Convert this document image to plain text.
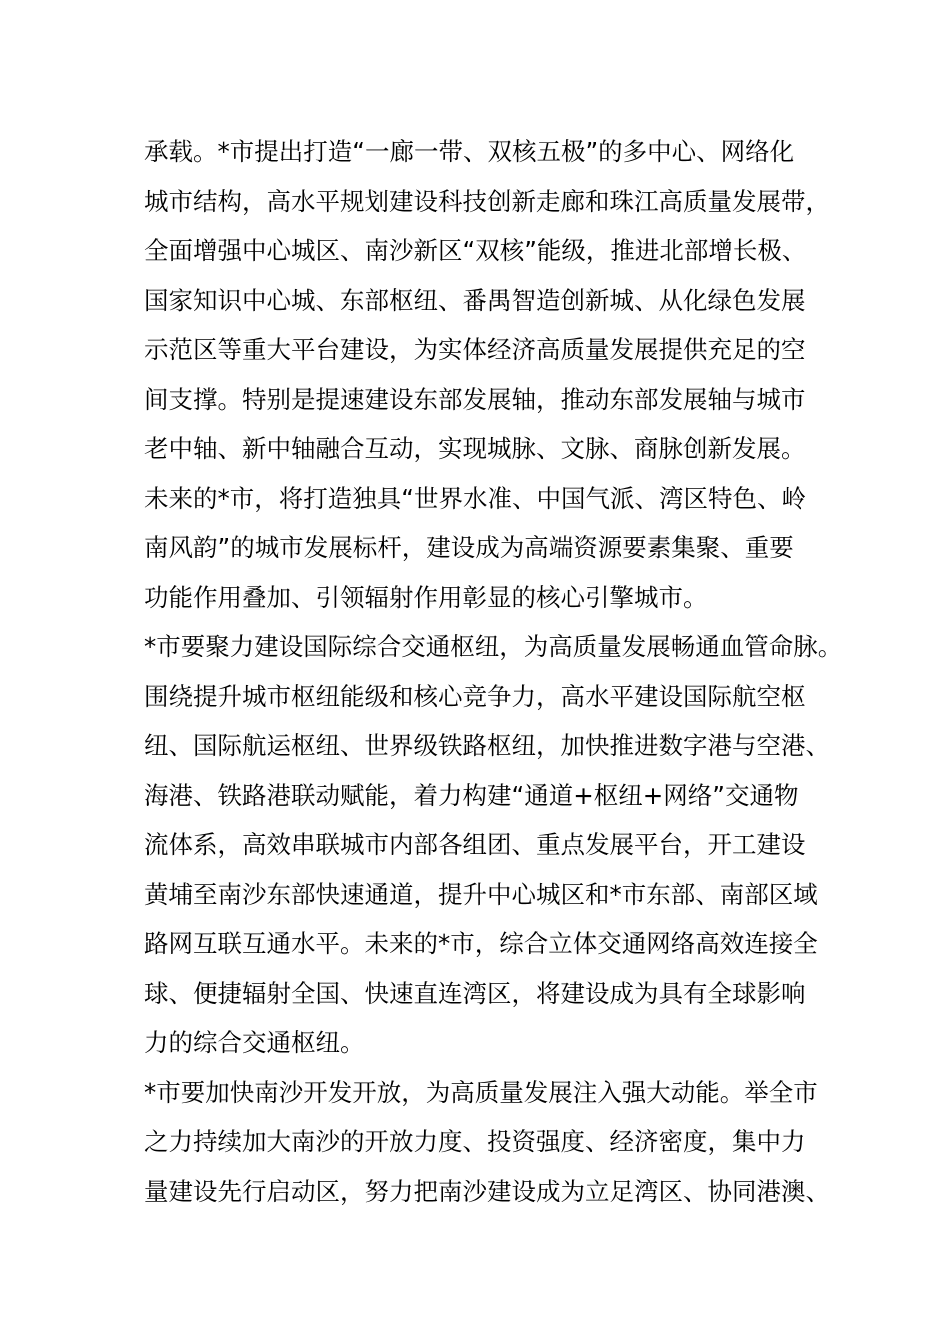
承载。*市提出打造“一廊一带、双核五极”的多中心、网络化
城市结构，高水平规划建设科技创新走廊和珠江高质量发展带，
全面增强中心城区、南沙新区“双核”能级，推进北部增长极、
国家知识中心城、东部枢纽、番禺智造创新城、从化绿色发展
示范区等重大平台建设，为实体经济高质量发展提供充足的空
间支撑。特别是提速建设东部发展轴，推动东部发展轴与城市
老中轴、新中轴融合互动，实现城脉、文脉、商脉创新发展。
未来的*市，将打造独具“世界水准、中国气派、湾区特色、岭
南风韵”的城市发展标杆，建设成为高端资源要素集聚、重要
功能作用叠加、引领辐射作用彰显的核心引擎城市。
*市要聚力建设国际综合交通枢纽，为高质量发展畅通血管命脉。
围绕提升城市枢纽能级和核心竞争力，高水平建设国际航空枢
纽、国际航运枢纽、世界级铁路枢纽，加快推进数字港与空港、
海港、铁路港联动赋能，着力构建“通道+枢纽+网络”交通物
流体系，高效串联城市内部各组团、重点发展平台，开工建设
黄埔至南沙东部快速通道，提升中心城区和*市东部、南部区域
路网互联互通水平。未来的*市，综合立体交通网络高效连接全
球、便捷辐射全国、快速直连湾区，将建设成为具有全球影响
力的综合交通枢纽。
*市要加快南沙开发开放，为高质量发展注入强大动能。举全市
之力持续加大南沙的开放力度、投资强度、经济密度，集中力
量建设先行启动区，努力把南沙建设成为立足湾区、协同港澳、
